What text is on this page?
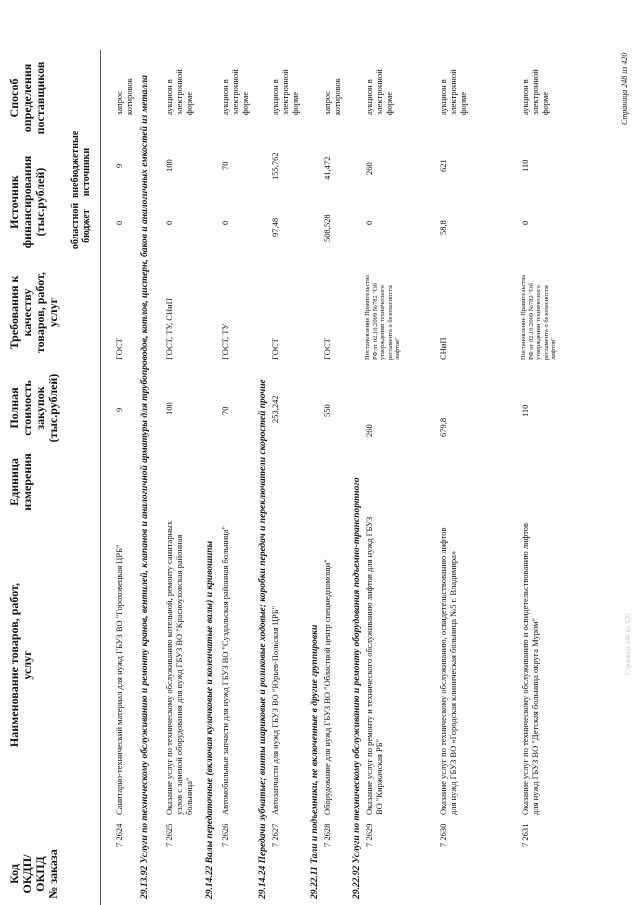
Код ОКДП/ ОКПД № заказа
Наименование товаров, работ, услуг
Единица измерения
Полная стоимость закупок (тыс.рублей)
Требования к качеству товаров, работ, услуг
Источник финансирования (тыс.рублей) областной бюджет
внебюджетные источники
Способ определения поставщиков
7 2624
Санитарно-технический материал для нужд ГБУЗ ВО "Гороховецкая ЦРБ"
9
ГОСТ
0
9
запрос котировок
29.13.92 Услуги по техническому обслуживанию и ремонту кранов, вентилей, клапанов и аналогичной арматуры для трубопроводов, котлов, цистерн, баков и аналогичных емкостей из металла 7 2625
Оказание услуг по техническому обслуживанию котельной, ремонту санитарных узлов с заменой оборудования для нужд ГБУЗ ВО "Красноуховская районная больница"
100
ГОСТ, ТУ, СНиП
0
100
аукцион в электронной форме
29.14.22 Валы передаточные (включая кулачковые и коленчатые валы) и кривошипы 7 2626
Автомобильные запчасти для нужд ГБУЗ ВО "Суздальская районная больница"
70
ГОСТ, ТУ
0
70
аукцион в электронной форме
29.14.24 Передачи зубчатые; винты шариковые и роликовые ходовые; коробки передач и переключатели скоростей прочие 7 2627
Автозапчасти для нужд ГБУЗ ВО "Юрьев-Польская ЦРБ"
253,242
ГОСТ
97,48
155,762
аукцион в электронной форме
29.22.11 Тали и подъемники, не включенные в другие группировки 7 2628
Оборудование для нужд ГБУЗ ВО "Областной центр спецмедпомощи"
550
ГОСТ
508,528
41,472
запрос котировок
29.22.92 Услуги по техническому обслуживанию и ремонту оборудования подъемно-транспортного 7 2629
Оказание услуг по ремонту и технического обслуживанию лифтов для нужд ГБУЗ ВО "Киржачская РБ"
260
Постановление Правительства РФ от 02.10.2009 №782 "Об утверждении технического регламента о безопасности лифтов"
0
260
аукцион в электронной форме
7 2630
Оказание услуг по техническому обслуживанию, освидетельствованию лифтов для нужд ГБУЗ ВО «Городская клиническая больница №5 г. Владимира»
679,8
СНиП
58,8
621
аукцион в электронной форме
7 2631
Оказание услуг по техническому обслуживанию и освидетельствованию лифтов для нужд ГБУЗ ВО "Детская больница округа Муром"
110
Постановление Правительства РФ от 02.10.2009 №782 "Об утверждении технического регламента о безопасности лифтов"
0
110
аукцион в электронной форме	Страница 248 из 420
Страница 248 из 420
